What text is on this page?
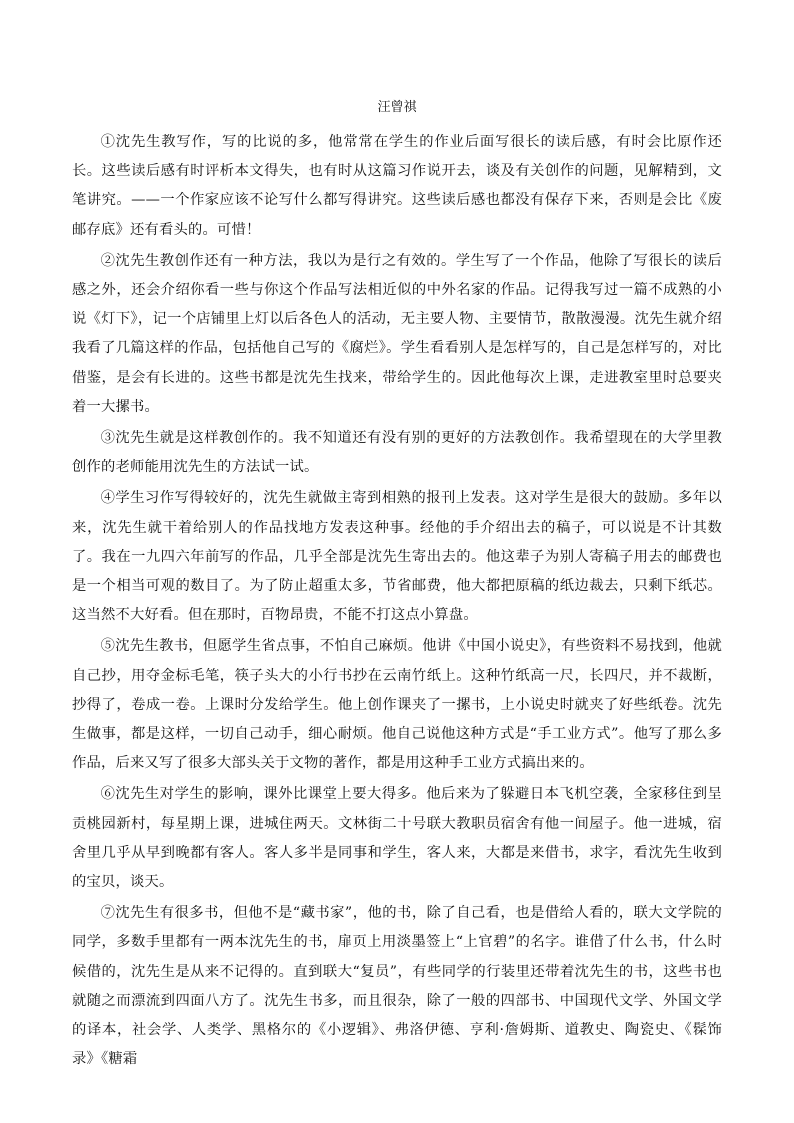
汪曾祺

①沈先生教写作，写的比说的多，他常常在学生的作业后面写很长的读后感，有时会比原作还长。这些读后感有时评析本文得失，也有时从这篇习作说开去，谈及有关创作的问题，见解精到，文笔讲究。——一个作家应该不论写什么都写得讲究。这些读后感也都没有保存下来，否则是会比《废邮存底》还有看头的。可惜！

②沈先生教创作还有一种方法，我以为是行之有效的。学生写了一个作品，他除了写很长的读后感之外，还会介绍你看一些与你这个作品写法相近似的中外名家的作品。记得我写过一篇不成熟的小说《灯下》，记一个店铺里上灯以后各色人的活动，无主要人物、主要情节，散散漫漫。沈先生就介绍我看了几篇这样的作品，包括他自己写的《腐烂》。学生看看别人是怎样写的，自己是怎样写的，对比借鉴，是会有长进的。这些书都是沈先生找来，带给学生的。因此他每次上课，走进教室里时总要夹着一大摞书。

③沈先生就是这样教创作的。我不知道还有没有别的更好的方法教创作。我希望现在的大学里教创作的老师能用沈先生的方法试一试。

④学生习作写得较好的，沈先生就做主寄到相熟的报刊上发表。这对学生是很大的鼓励。多年以来，沈先生就干着给别人的作品找地方发表这种事。经他的手介绍出去的稿子，可以说是不计其数了。我在一九四六年前写的作品，几乎全部是沈先生寄出去的。他这辈子为别人寄稿子用去的邮费也是一个相当可观的数目了。为了防止超重太多，节省邮费，他大都把原稿的纸边裁去，只剩下纸芯。这当然不大好看。但在那时，百物昂贵，不能不打这点小算盘。

⑤沈先生教书，但愿学生省点事，不怕自己麻烦。他讲《中国小说史》，有些资料不易找到，他就自己抄，用夺金标毛笔，筷子头大的小行书抄在云南竹纸上。这种竹纸高一尺，长四尺，并不裁断，抄得了，卷成一卷。上课时分发给学生。他上创作课夹了一摞书，上小说史时就夹了好些纸卷。沈先生做事，都是这样，一切自己动手，细心耐烦。他自己说他这种方式是“手工业方式”。他写了那么多作品，后来又写了很多大部头关于文物的著作，都是用这种手工业方式搞出来的。

⑥沈先生对学生的影响，课外比课堂上要大得多。他后来为了躲避日本飞机空袭，全家移住到呈贡桃园新村，每星期上课，进城住两天。文林街二十号联大教职员宿舍有他一间屋子。他一进城，宿舍里几乎从早到晚都有客人。客人多半是同事和学生，客人来，大都是来借书，求字，看沈先生收到的宝贝，谈天。

⑦沈先生有很多书，但他不是“藏书家”，他的书，除了自己看，也是借给人看的，联大文学院的同学，多数手里都有一两本沈先生的书，扉页上用淡墨签上“上官碧”的名字。谁借了什么书，什么时候借的，沈先生是从来不记得的。直到联大“复员”，有些同学的行装里还带着沈先生的书，这些书也就随之而漂流到四面八方了。沈先生书多，而且很杂，除了一般的四部书、中国现代文学、外国文学的译本，社会学、人类学、黑格尔的《小逻辑》、弗洛伊德、亨利·詹姆斯、道教史、陶瓷史、《髹饰录》《糖霜
